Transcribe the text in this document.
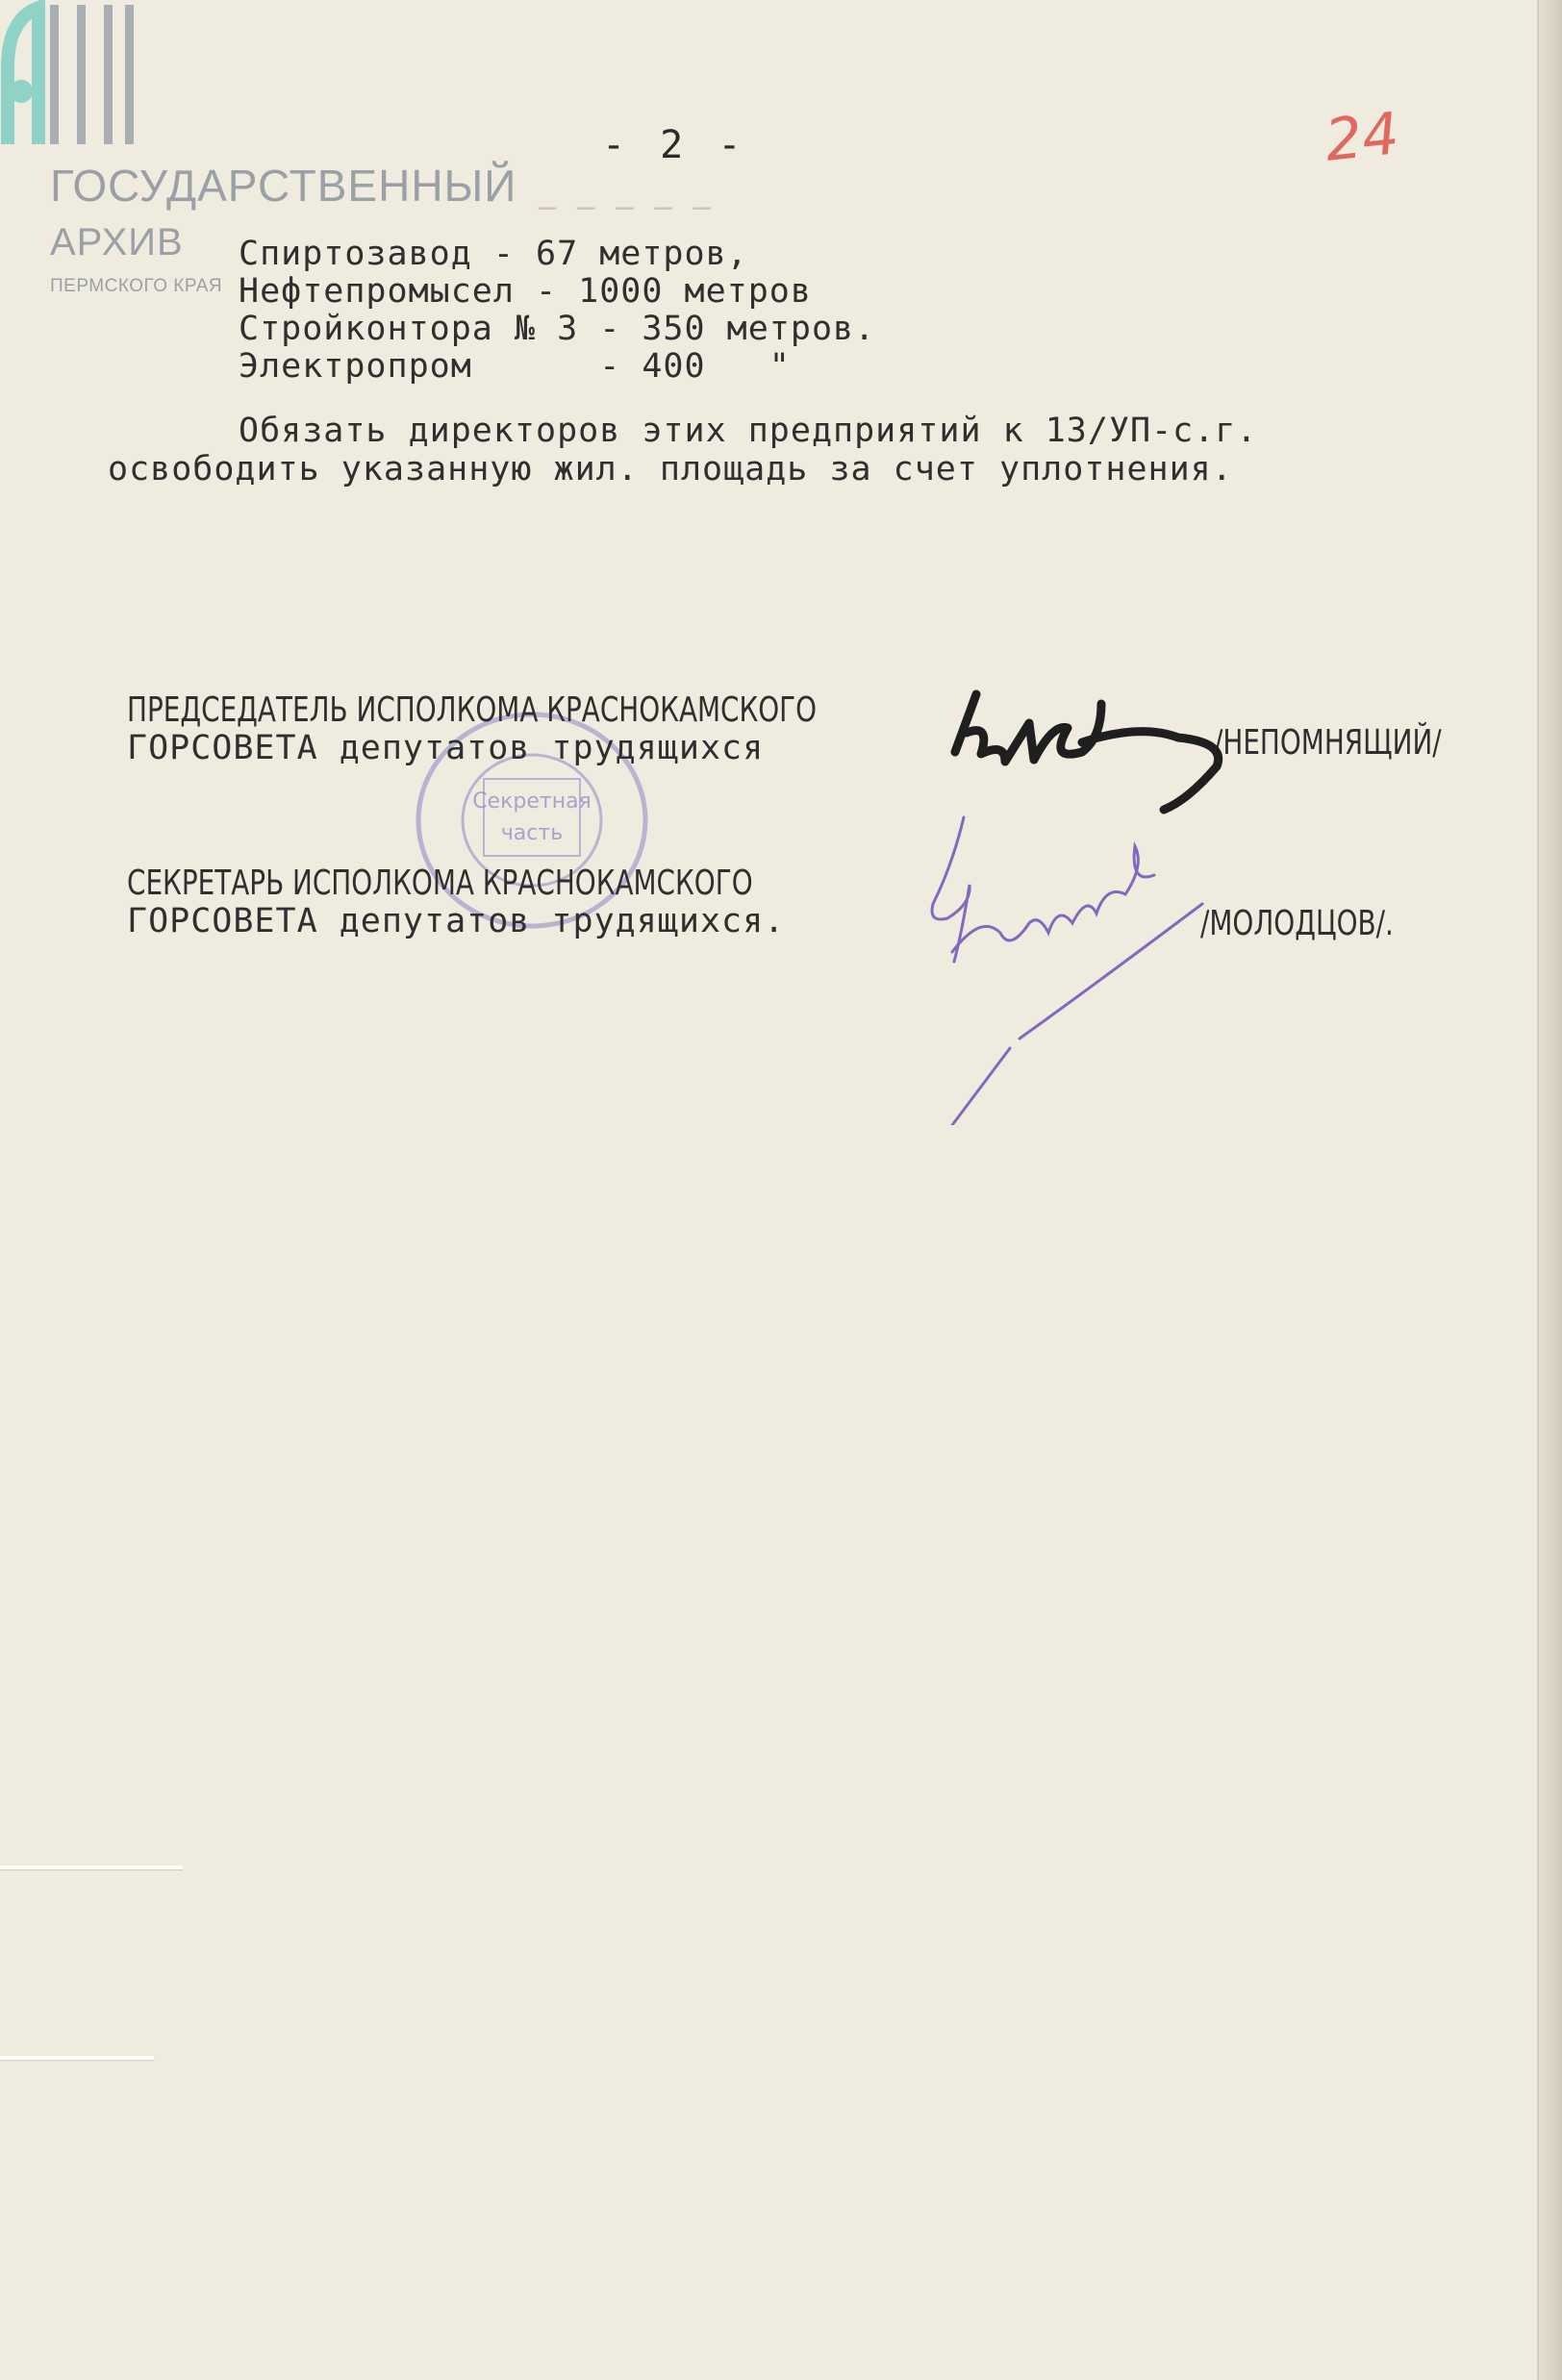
ГОСУДАРСТВЕННЫЙ
АРХИВ
ПЕРМСКОГО КРАЯ
24
- 2 -
─ ─ ─ ─ ─
Спиртозавод - 67 метров,
Нефтепромысел - 1000 метров
Стройконтора № 3 - 350 метров.
Электропром      - 400   "
Обязать директоров этих предприятий к 13/УП-с.г.
освободить указанную жил. площадь за счет уплотнения.
Секретная
часть
ПРЕДСЕДАТЕЛЬ ИСПОЛКОМА КРАСНОКАМСКОГО
ГОРСОВЕТА депутатов трудящихся	/НЕПОМНЯЩИЙ/
СЕКРЕТАРЬ ИСПОЛКОМА КРАСНОКАМСКОГО
ГОРСОВЕТА депутатов трудящихся.	/МОЛОДЦОВ/.
